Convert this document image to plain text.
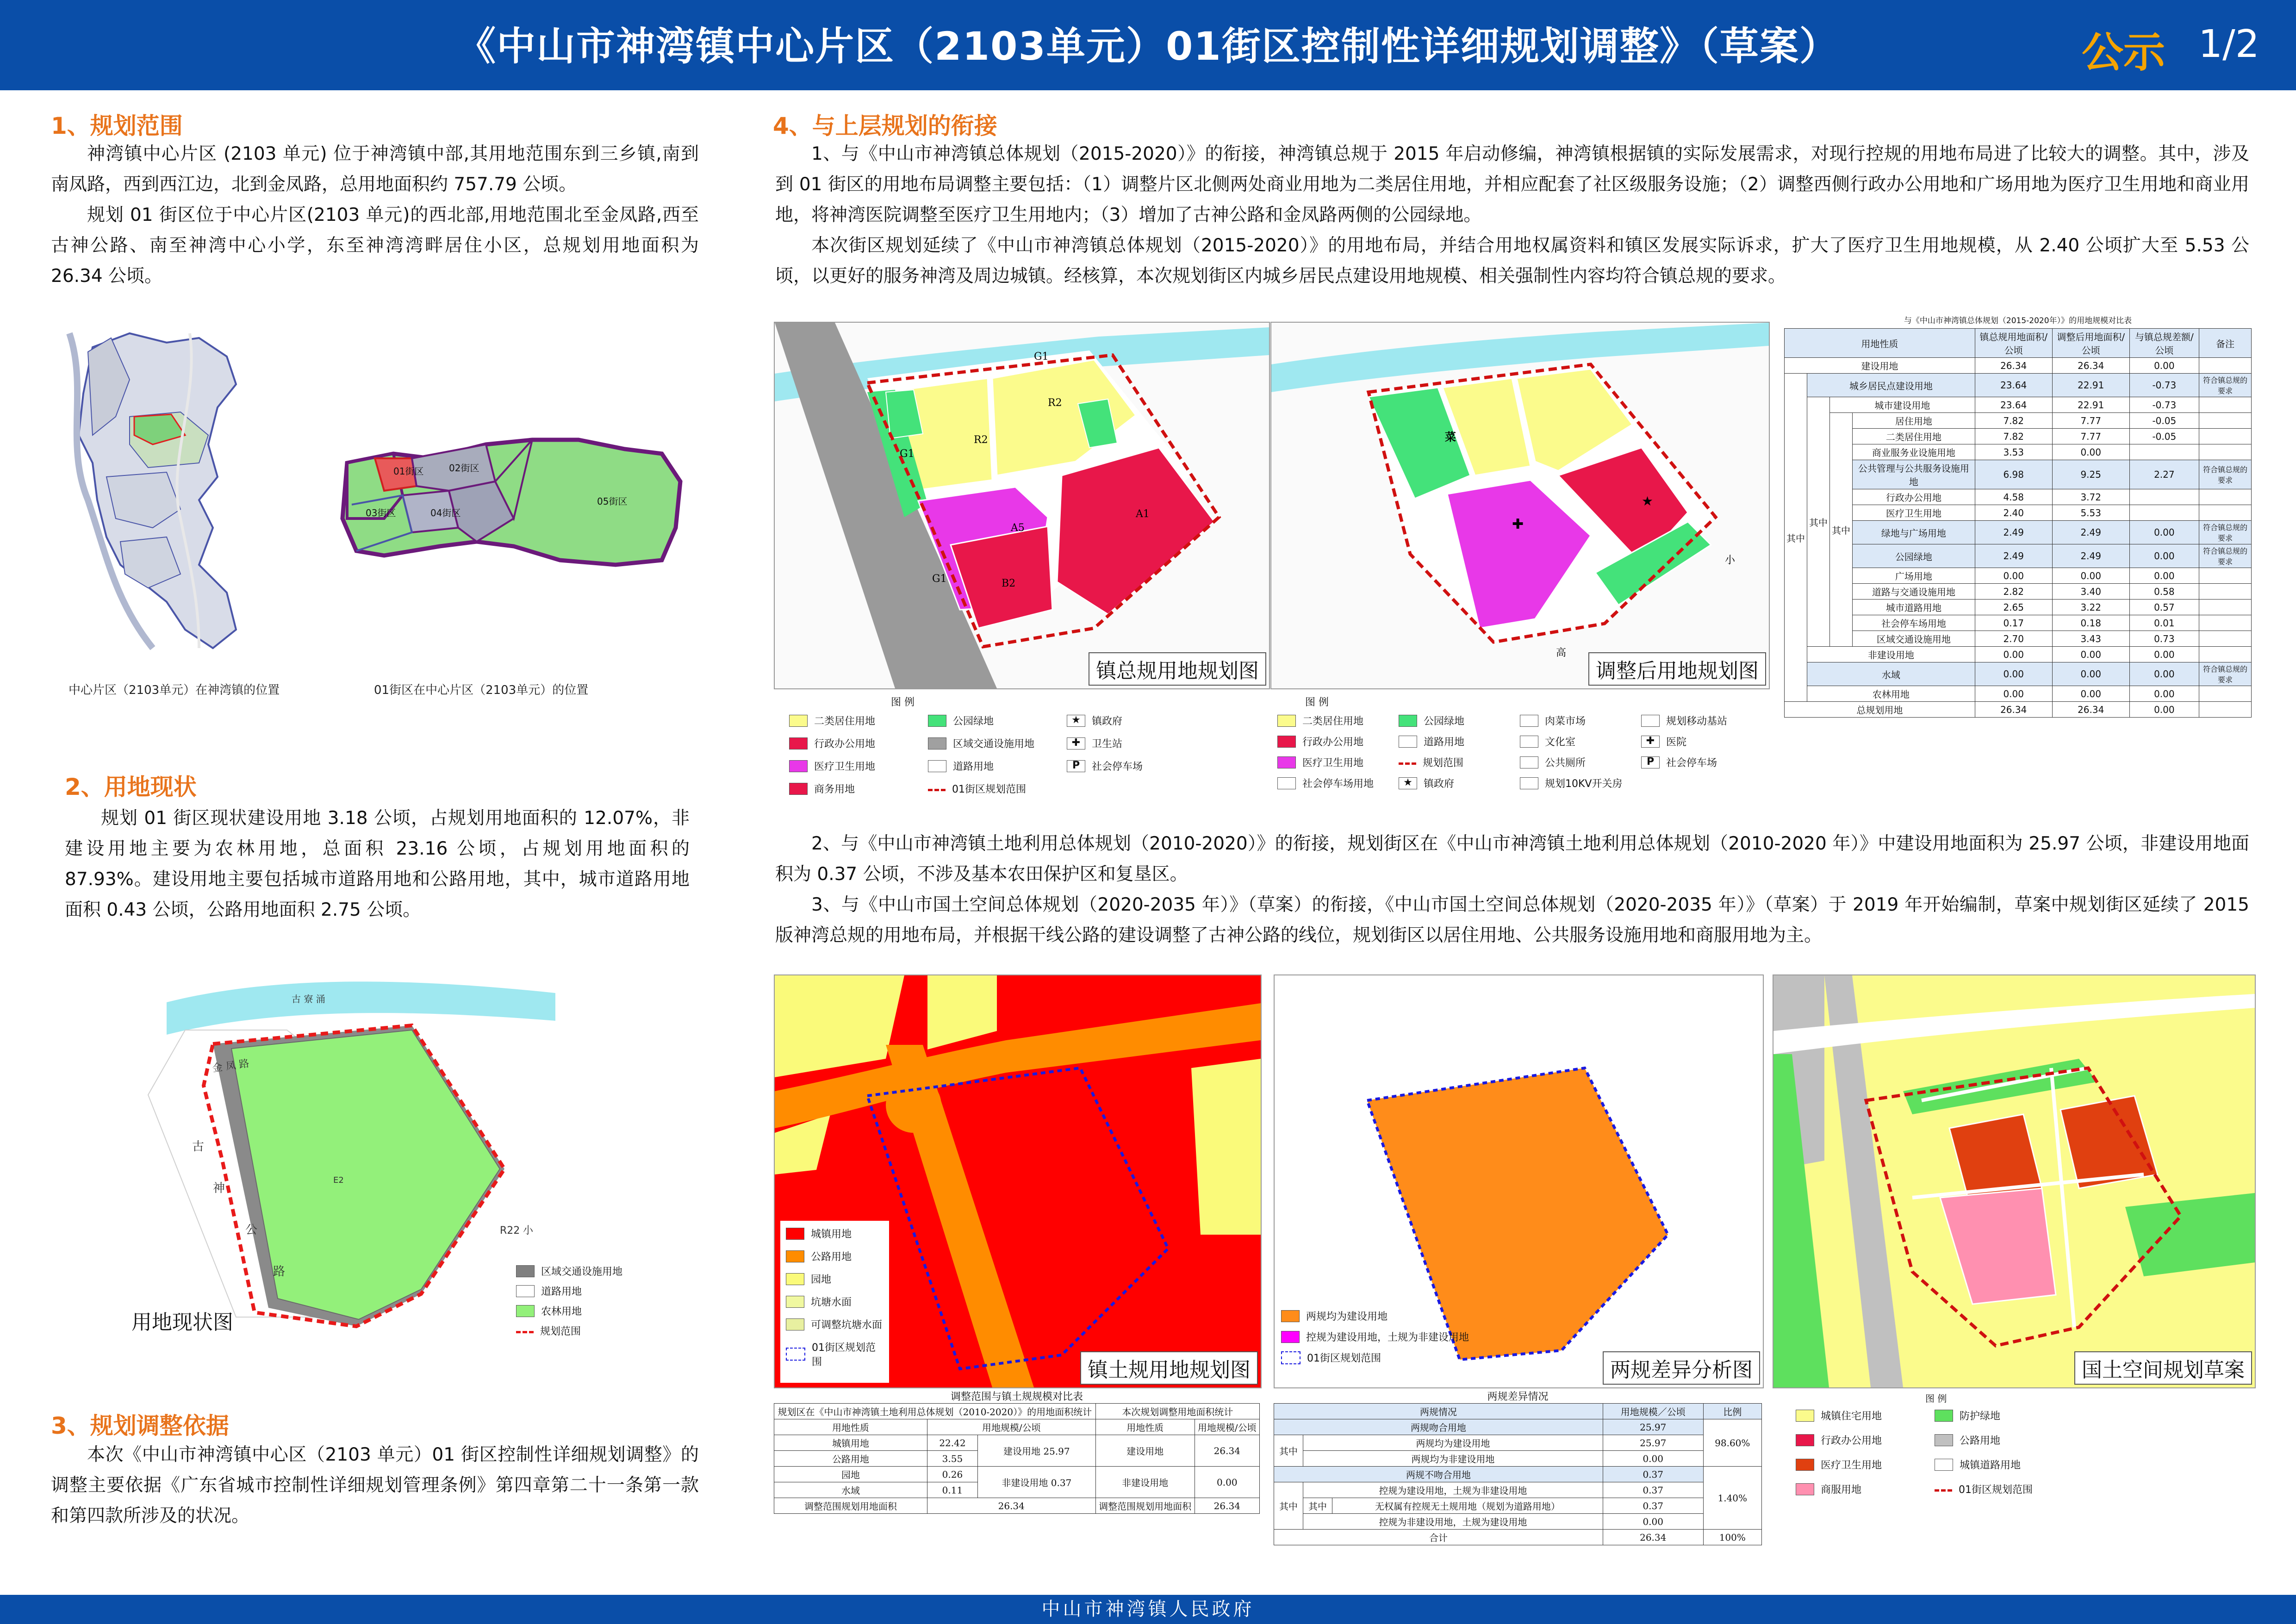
《中山市神湾镇中心片区（2103单元）01街区控制性详细规划调整》（草案）	公示 1/2
1、规划范围

神湾镇中心片区 (2103 单元) 位于神湾镇中部,其用地范围东到三乡镇,南到南凤路，西到西江边，北到金凤路，总用地面积约 757.79 公顷。

规划 01 街区位于中心片区(2103 单元)的西北部,用地范围北至金凤路,西至古神公路、南至神湾中心小学，东至神湾湾畔居住小区，总规划用地面积为 26.34 公顷。

中心片区（2103单元）在神湾镇的位置
01街区	02街区
03街区	04街区
05街区
01街区在中心片区（2103单元）的位置
2、用地现状

规划 01 街区现状建设用地 3.18 公顷，占规划用地面积的 12.07%，非建设用地主要为农林用地，总面积 23.16 公顷，占规划用地面积的 87.93%。建设用地主要包括城市道路用地和公路用地，其中，城市道路用地面积 0.43 公顷，公路用地面积 2.75 公顷。

古 寮 涌
E2
金 凤 路
古
神
公
路
R22 小
用地现状图
区域交通设施用地
道路用地
农林用地
规划范围
3、规划调整依据

本次《中山市神湾镇中心区（2103 单元）01 街区控制性详细规划调整》的调整主要依据《广东省城市控制性详细规划管理条例》第四章第二十一条第一款和第四款所涉及的状况。

4、与上层规划的衔接

1、与《中山市神湾镇总体规划（2015-2020）》的衔接，神湾镇总规于 2015 年启动修编，神湾镇根据镇的实际发展需求，对现行控规的用地布局进了比较大的调整。其中，涉及到 01 街区的用地布局调整主要包括：（1）调整片区北侧两处商业用地为二类居住用地，并相应配套了社区级服务设施；（2）调整西侧行政办公用地和广场用地为医疗卫生用地和商业用地，将神湾医院调整至医疗卫生用地内；（3）增加了古神公路和金凤路两侧的公园绿地。

本次街区规划延续了《中山市神湾镇总体规划（2015-2020）》的用地布局，并结合用地权属资料和镇区发展实际诉求，扩大了医疗卫生用地规模，从 2.40 公顷扩大至 5.53 公顷，以更好的服务神湾及周边城镇。经核算，本次规划街区内城乡居民点建设用地规模、相关强制性内容均符合镇总规的要求。

G1
R2
R2
G1
A5
A1
B2
G1
镇总规用地规划图
菜
高
小
✚
★
调整后用地规划图
图 例
二类居住用地	公园绿地	★	镇政府
行政办公用地	区域交通设施用地	✚	卫生站
医疗卫生用地	道路用地	P	社会停车场
商务用地	01街区规划范围
图 例
二类居住用地	公园绿地	肉菜市场	规划移动基站
行政办公用地	道路用地	文化室	✚	医院
医疗卫生用地	规划范围	公共厕所	P	社会停车场
社会停车场用地	★	镇政府	规划10KV开关房
与《中山市神湾镇总体规划（2015-2020年）》的用地规模对比表
用地性质				镇总规用地面积/公顷	调整后用地面积/公顷	与镇总规差额/公顷	备注
建设用地				26.34	26.34	0.00	
其中	城乡居民点建设用地			23.64	22.91	-0.73	符合镇总规的要求
	其中	城市建设用地		23.64	22.91	-0.73	
		其中	居住用地	7.82	7.77	-0.05	
			二类居住用地	7.82	7.77	-0.05	
			商业服务业设施用地	3.53	0.00		
			公共管理与公共服务设施用地	6.98	9.25	2.27	符合镇总规的要求
			行政办公用地	4.58	3.72		
			医疗卫生用地	2.40	5.53		
			绿地与广场用地	2.49	2.49	0.00	符合镇总规的要求
			公园绿地	2.49	2.49	0.00	符合镇总规的要求
			广场用地	0.00	0.00	0.00	
			道路与交通设施用地	2.82	3.40	0.58	
			城市道路用地	2.65	3.22	0.57	
			社会停车场用地	0.17	0.18	0.01	
			区域交通设施用地	2.70	3.43	0.73	
	非建设用地			0.00	0.00	0.00	
	水域			0.00	0.00	0.00	符合镇总规的要求
	农林用地			0.00	0.00	0.00	
总规划用地				26.34	26.34	0.00	

2、与《中山市神湾镇土地利用总体规划（2010-2020）》的衔接，规划街区在《中山市神湾镇土地利用总体规划（2010-2020 年）》中建设用地面积为 25.97 公顷，非建设用地面积为 0.37 公顷，不涉及基本农田保护区和复垦区。

3、与《中山市国土空间总体规划（2020-2035 年）》（草案）的衔接，《中山市国土空间总体规划（2020-2035 年）》（草案）于 2019 年开始编制，草案中规划街区延续了 2015 版神湾总规的用地布局，并根据干线公路的建设调整了古神公路的线位，规划街区以居住用地、公共服务设施用地和商服用地为主。

城镇用地
公路用地
园地
坑塘水面
可调整坑塘水面
01街区规划范围	镇土规用地规划图
调整范围与镇土规规模对比表
规划区在《中山市神湾镇土地利用总体规划（2010-2020）》的用地面积统计			本次规划调整用地面积统计	
用地性质	用地规模/公顷		用地性质	用地规模/公顷
城镇用地	22.42	建设用地 25.97	建设用地	26.34
公路用地	3.55			
园地	0.26	非建设用地 0.37	非建设用地	0.00
水域	0.11			
调整范围规划用地面积	26.34		调整范围规划用地面积	26.34
两规均为建设用地
控规为建设用地，土规为非建设用地
01街区规划范围	两规差异分析图
两规差异情况
两规情况			用地规模／公顷	比例
两规吻合用地			25.97	98.60%
其中	两规均为建设用地		25.97	
	两规均为非建设用地		0.00	
两规不吻合用地			0.37	1.40%
其中	控规为建设用地，土规为非建设用地		0.37	
	其中	无权属有控规无土规用地（规划为道路用地）	0.37	
	控规为非建设用地，土规为建设用地		0.00	
合计			26.34	100%
国土空间规划草案
图 例
城镇住宅用地	防护绿地
行政办公用地	公路用地
医疗卫生用地	城镇道路用地
商服用地	01街区规划范围
中山市神湾镇人民政府
